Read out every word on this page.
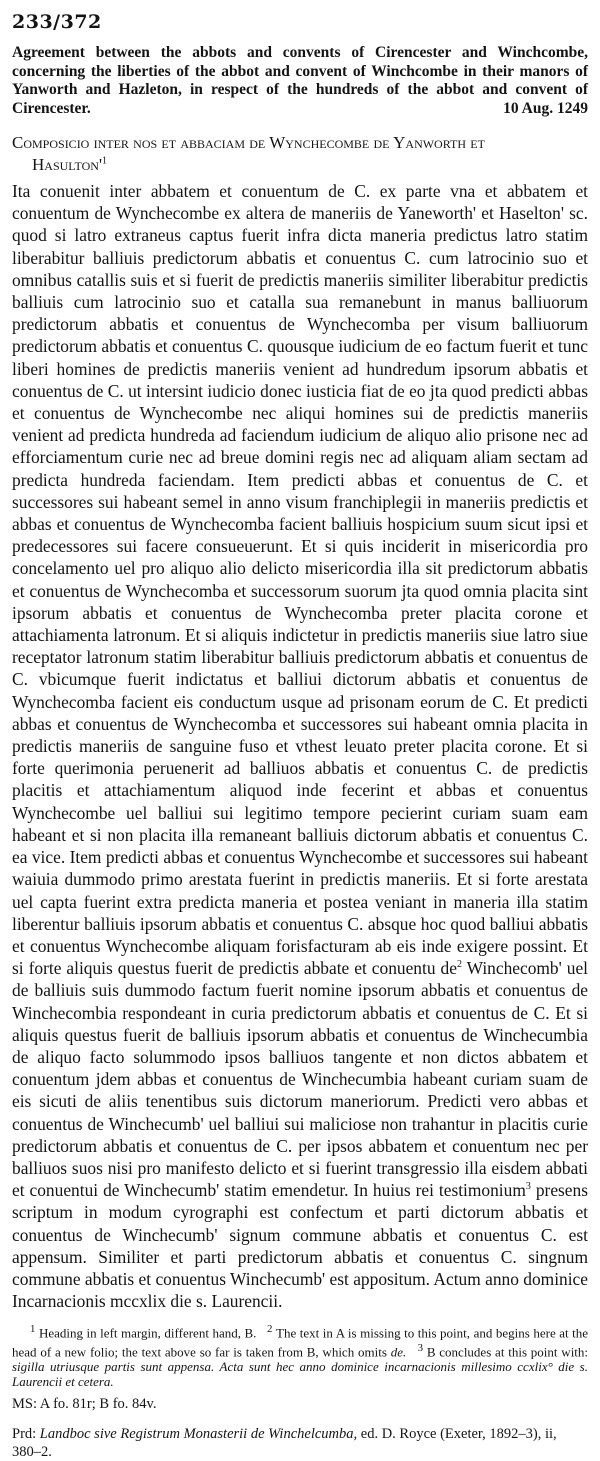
233/372
Agreement between the abbots and convents of Cirencester and Winchcombe, concerning the liberties of the abbot and convent of Winchcombe in their manors of Yanworth and Hazleton, in respect of the hundreds of the abbot and convent of Cirencester.	10 Aug. 1249
Composicio inter nos et abbaciam de Wynchecombe de Yanworth et
$Hasulton'^1$
Ita conuenit inter abbatem et conuentum de C. ex parte vna et abbatem et conuentum de Wynchecombe ex altera de maneriis de Yaneworth' et Haselton' sc. quod si latro extraneus captus fuerit infra dicta maneria predictus latro statim liberabitur balliuis predictorum abbatis et conuentus C. cum latrocinio suo et omnibus catallis suis et si fuerit de predictis maneriis similiter liberabitur predictis balliuis cum latrocinio suo et catalla sua remanebunt in manus balliuorum predictorum abbatis et conuentus de Wynchecomba per visum balliuorum predictorum abbatis et conuentus C. quousque iudicium de eo factum fuerit et tunc liberi homines de predictis maneriis venient ad hundredum ipsorum abbatis et conuentus de C. ut intersint iudicio donec iusticia fiat de eo jta quod predicti abbas et conuentus de Wynchecombe nec aliqui homines sui de predictis maneriis venient ad predicta hundreda ad faciendum iudicium de aliquo alio prisone nec ad efforciamentum curie nec ad breue domini regis nec ad aliquam aliam sectam ad predicta hundreda faciendam. Item predicti abbas et conuentus de C. et successores sui habeant semel in anno visum franchiplegii in maneriis predictis et abbas et conuentus de Wynchecomba facient balliuis hospicium suum sicut ipsi et predecessores sui facere consueuerunt. Et si quis inciderit in misericordia pro concelamento uel pro aliquo alio delicto misericordia illa sit predictorum abbatis et conuentus de Wynchecomba et successorum suorum jta quod omnia placita sint ipsorum abbatis et conuentus de Wynchecomba preter placita corone et attachiamenta latronum. Et si aliquis indictetur in predictis maneriis siue latro siue receptator latronum statim liberabitur balliuis predictorum abbatis et conuentus de C. vbicumque fuerit indictatus et balliui dictorum abbatis et conuentus de Wynchecomba facient eis conductum usque ad prisonam eorum de C. Et predicti abbas et conuentus de Wynchecomba et successores sui habeant omnia placita in predictis maneriis de sanguine fuso et vthest leuato preter placita corone. Et si forte querimonia peruenerit ad balliuos abbatis et conuentus C. de predictis placitis et attachiamentum aliquod inde fecerint et abbas et conuentus Wynchecombe uel balliui sui legitimo tempore pecierint curiam suam eam habeant et si non placita illa remaneant balliuis dictorum abbatis et conuentus C. ea vice. Item predicti abbas et conuentus Wynchecombe et successores sui habeant waiuia dummodo primo arestata fuerint in predictis maneriis. Et si forte arestata uel capta fuerint extra predicta maneria et postea veniant in maneria illa statim liberentur balliuis ipsorum abbatis et conuentus C. absque hoc quod balliui abbatis et conuentus Wynchecombe aliquam forisfacturam ab eis inde exigere possint. Et si forte aliquis questus fuerit de predictis abbate et conuentu $de^2$ Winchecomb' uel de balliuis suis dummodo factum fuerit nomine ipsorum abbatis et conuentus de Winchecombia respondeant in curia predictorum abbatis et conuentus de C. Et si aliquis questus fuerit de balliuis ipsorum abbatis et conuentus de Winchecumbia de aliquo facto solummodo ipsos balliuos tangente et non dictos abbatem et conuentum jdem abbas et conuentus de Winchecumbia habeant curiam suam de eis sicuti de aliis tenentibus suis dictorum maneriorum. Predicti vero abbas et conuentus de Winchecumb' uel balliui sui maliciose non trahantur in placitis curie predictorum abbatis et conuentus de C. per ipsos abbatem et conuentum nec per balliuos suos nisi pro manifesto delicto et si fuerint transgressio illa eisdem abbati et conuentui de Winchecumb' statim emendetur. In huius rei testimonium$^3$ presens scriptum in modum cyrographi est confectum et parti dictorum abbatis et conuentus de Winchecumb' signum commune abbatis et conuentus C. est appensum. Similiter et parti predictorum abbatis et conuentus C. singnum commune abbatis et conuentus Winchecumb' est appositum. Actum anno dominice Incarnacionis mccxlix die s. Laurencii.

$^1$ Heading in left margin, different hand, B. $^2$ The text in A is missing to this point, and begins here at the head of a new folio; the text above so far is taken from B, which omits de. $^3$ B concludes at this point with: sigilla utriusque partis sunt appensa. Acta sunt hec anno dominice incarnacionis millesimo ccxlix° die s. Laurencii et cetera.

MS: A fo. 81r; B fo. 84v.
Prd: Landboc sive Registrum Monasterii de Winchelcumba, ed. D. Royce (Exeter, 1892–3), ii, 380–2.
